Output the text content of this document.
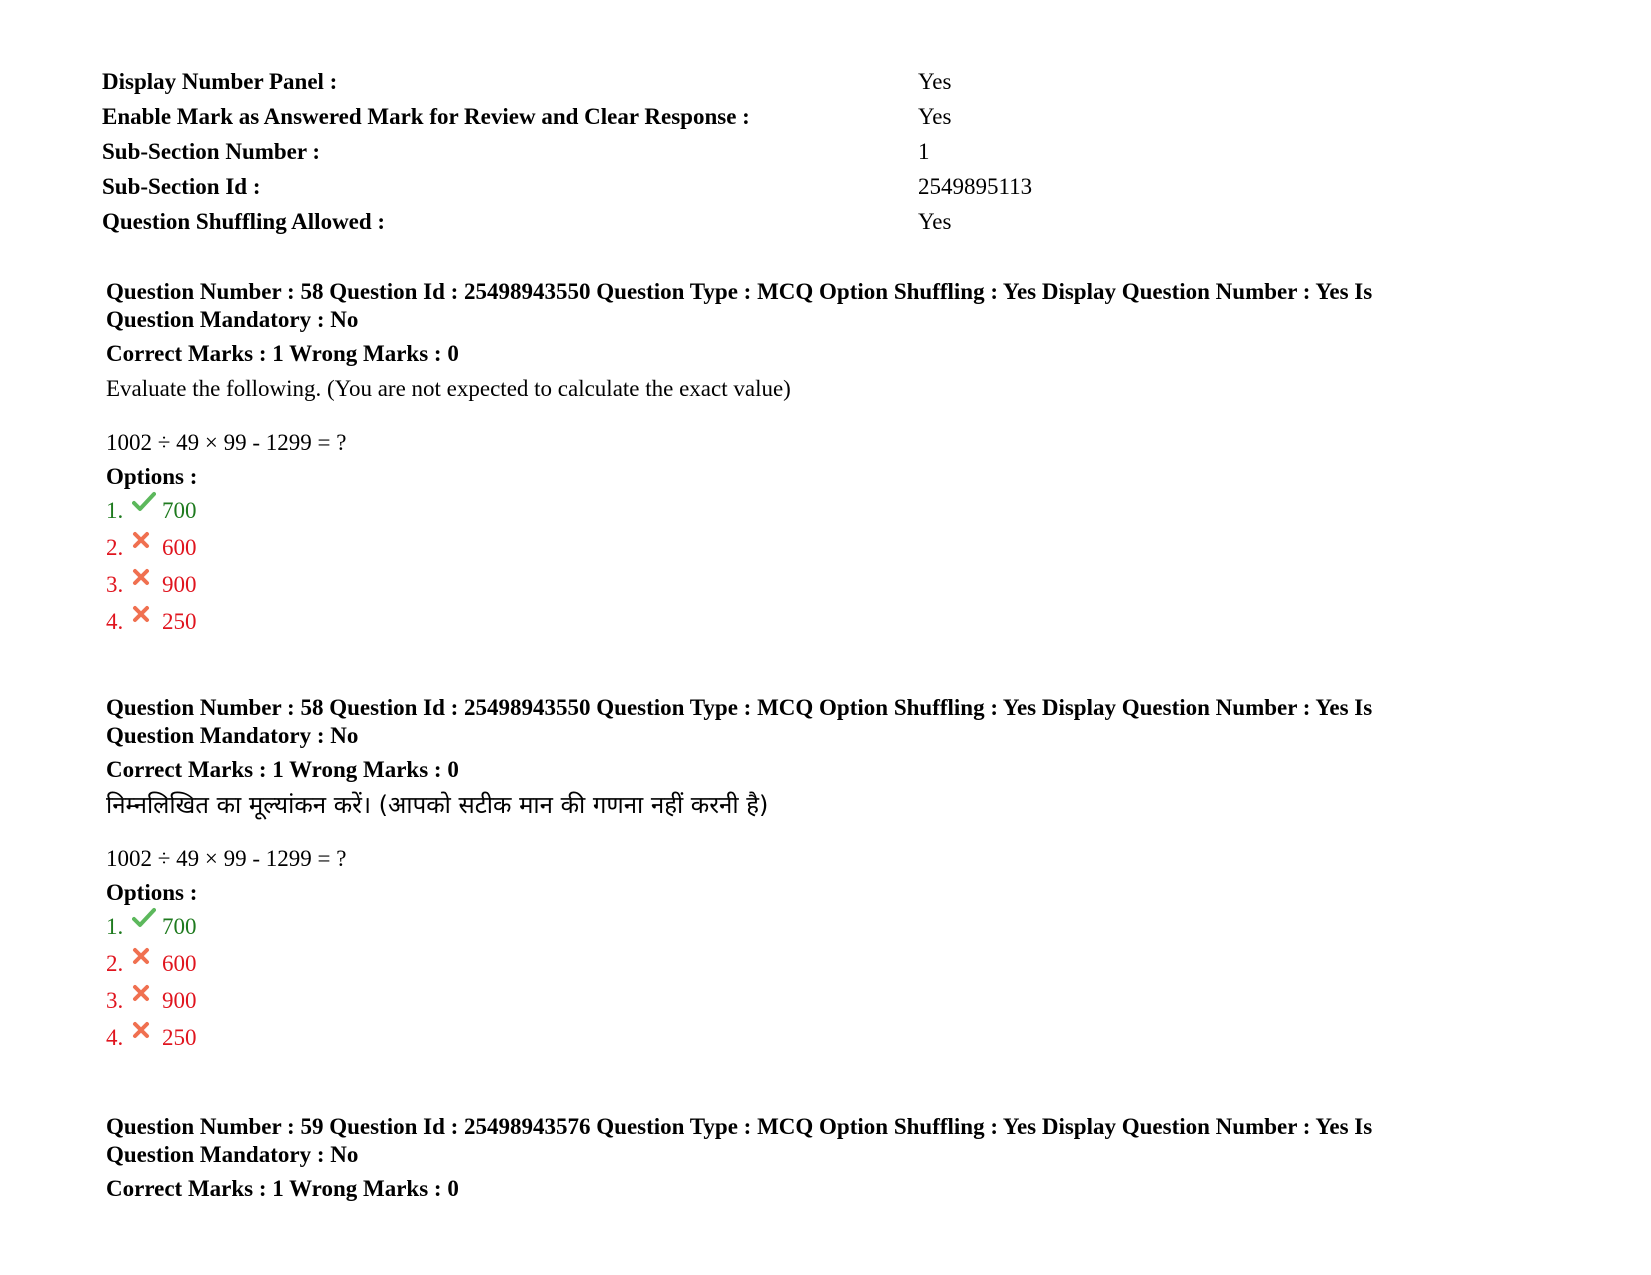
Display Number Panel :	Yes
Enable Mark as Answered Mark for Review and Clear Response :	Yes
Sub-Section Number :	1
Sub-Section Id :	2549895113
Question Shuffling Allowed :	Yes
Question Number : 58 Question Id : 25498943550 Question Type : MCQ Option Shuffling : Yes Display Question Number : Yes Is
Question Mandatory : No
Correct Marks : 1 Wrong Marks : 0
Evaluate the following. (You are not expected to calculate the exact value)
1002 ÷ 49 × 99 - 1299 = ?
Options :
1.	700
2.	600
3.	900
4.	250
Question Number : 58 Question Id : 25498943550 Question Type : MCQ Option Shuffling : Yes Display Question Number : Yes Is
Question Mandatory : No
Correct Marks : 1 Wrong Marks : 0
निम्नलिखित का मूल्यांकन करें। (आपको सटीक मान की गणना नहीं करनी है)
1002 ÷ 49 × 99 - 1299 = ?
Options :
1.	700
2.	600
3.	900
4.	250
Question Number : 59 Question Id : 25498943576 Question Type : MCQ Option Shuffling : Yes Display Question Number : Yes Is
Question Mandatory : No
Correct Marks : 1 Wrong Marks : 0
